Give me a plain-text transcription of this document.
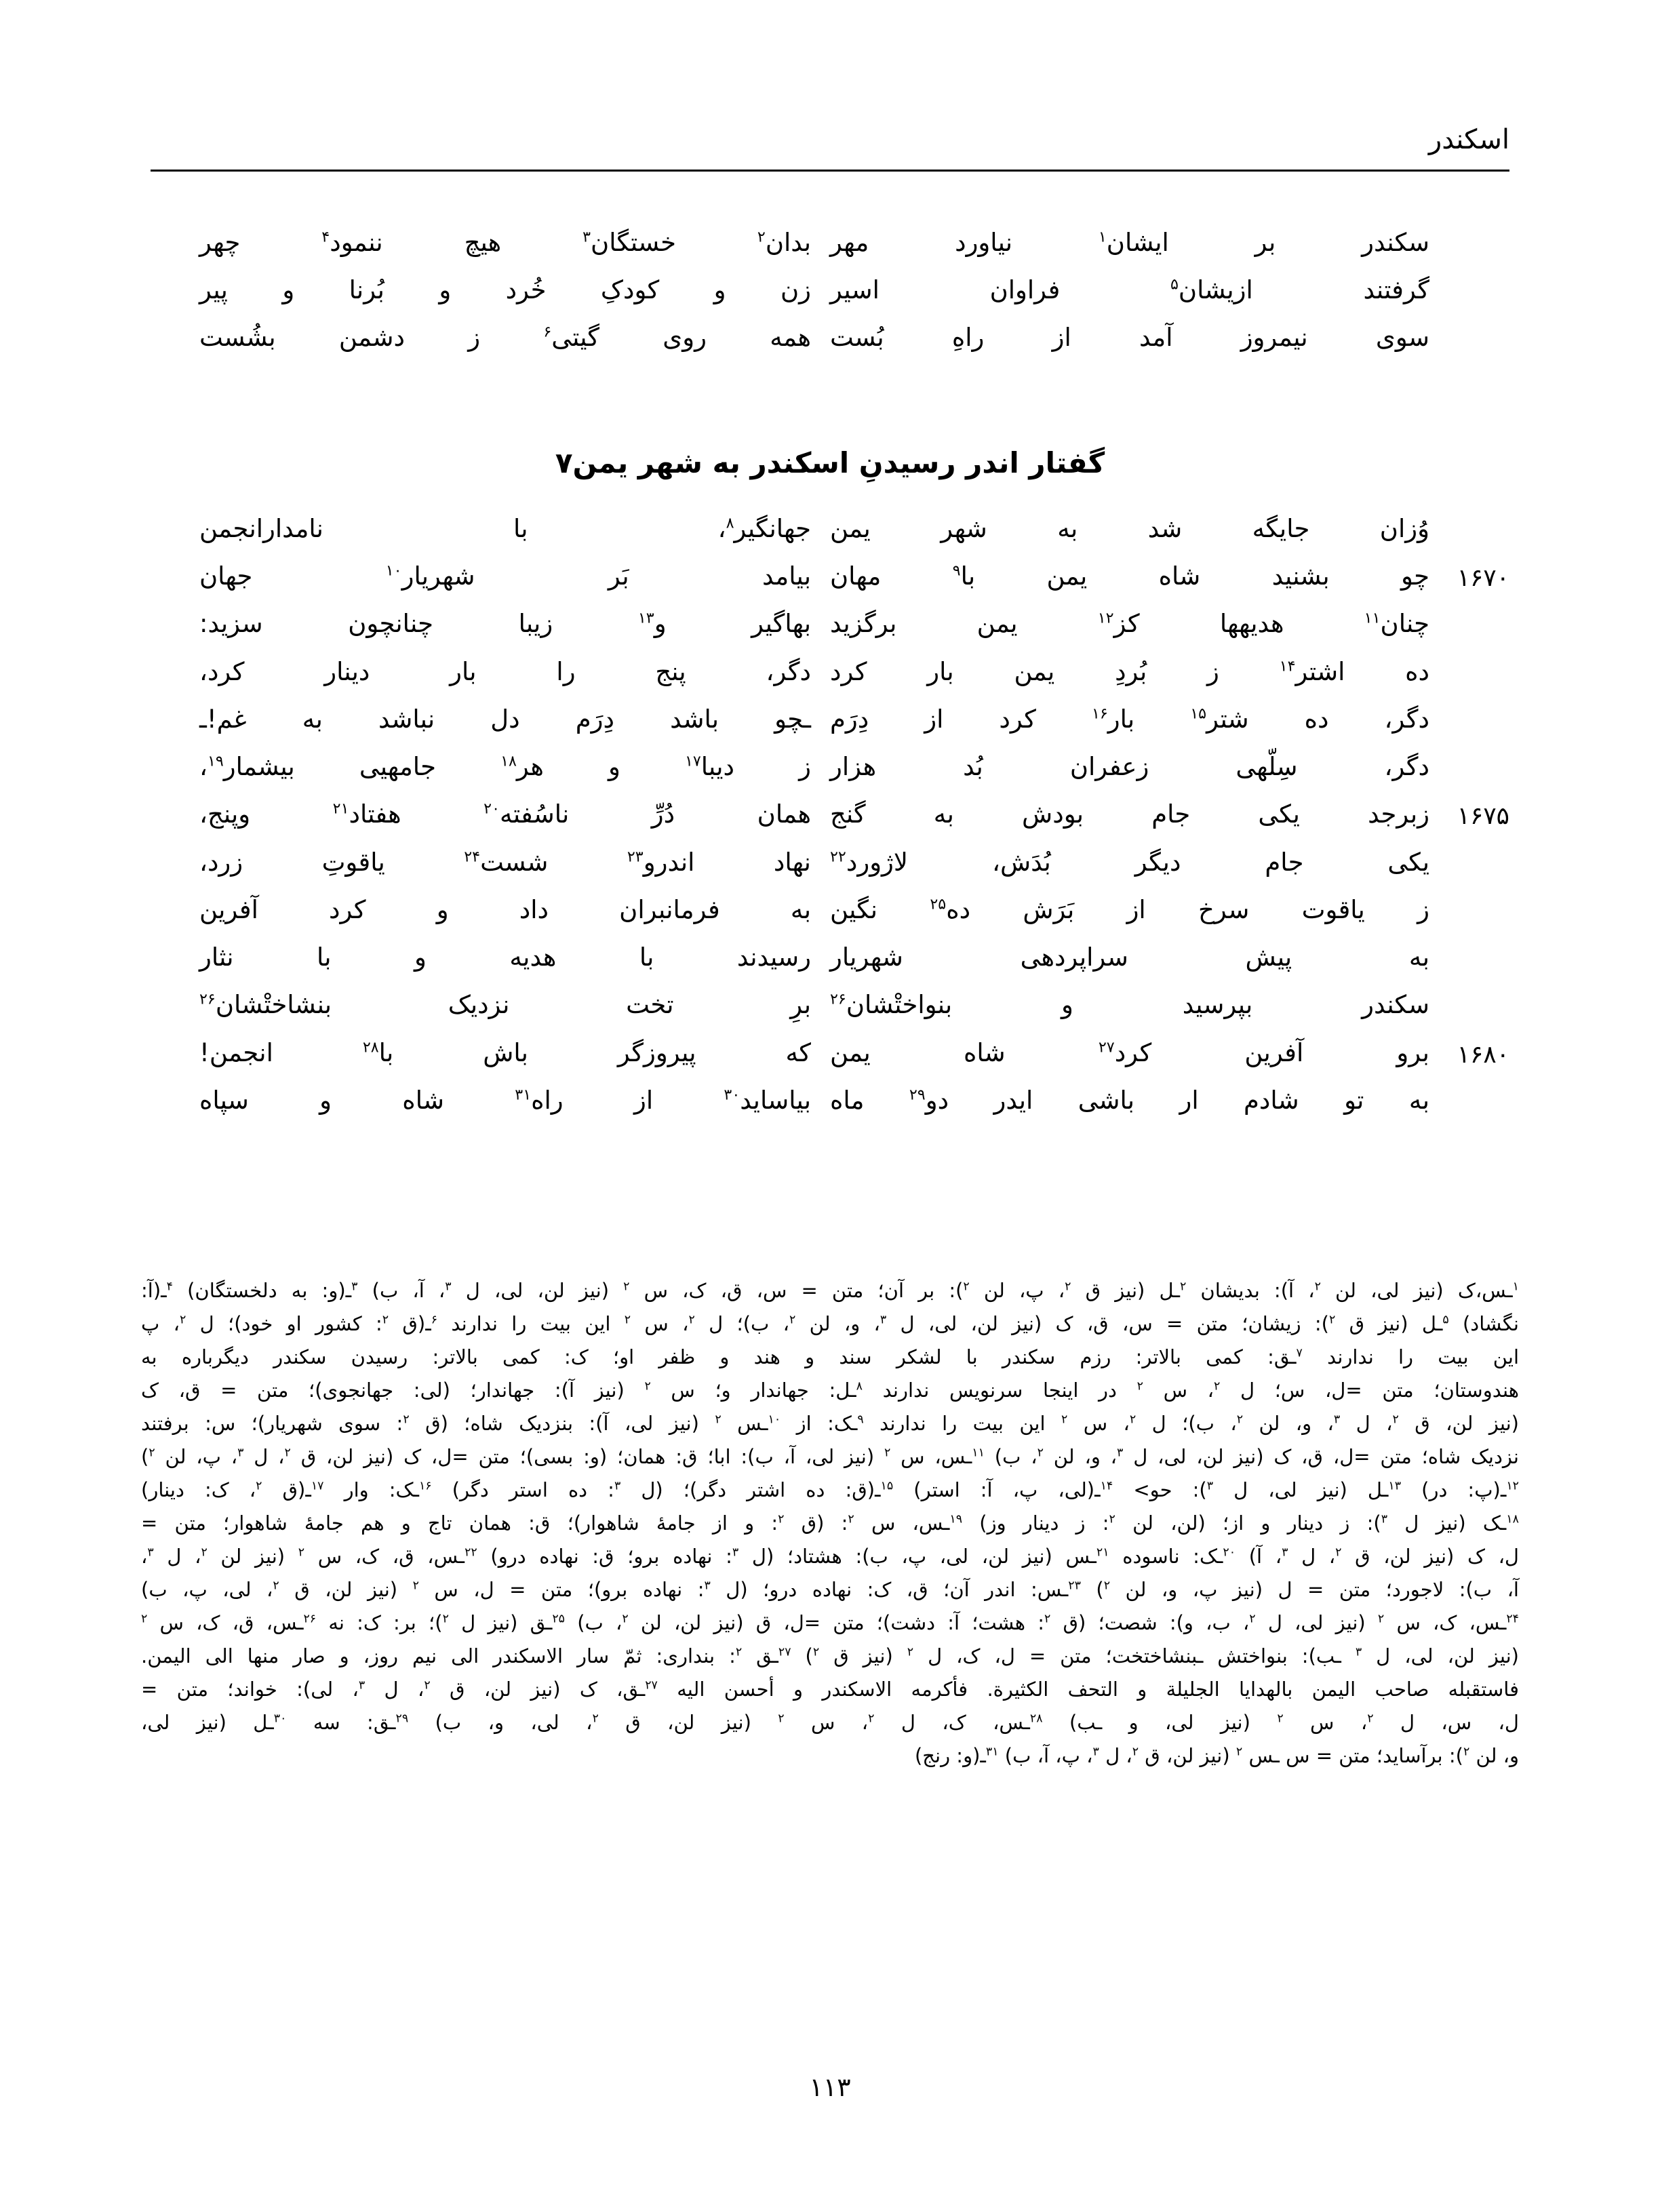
اسکندر
سکندر بر ایشان$^۱$ نیاورد مهر
بدان$^۲$ خستگان$^۳$ هیچ ننمود$^۴$ چهر
گرفتند ازیشان$^۵$ فراوان اسیر
زن و کودکِ خُرد و بُرنا و پیر
سوی نیمروز آمد از راهِ بُست
همه روی گیتی$^۶$ ز دشمن بشُست
گفتار اندر رسیدنِ اسکندر به شهر یمن۷
وُزان جایگه شد به شهر یمن
جهانگیر$^۸$، با نامدارانجمن
۱۶۷۰
چو بشنید شاه یمن با$^۹$ مهان
بیامد بَر شهریار$^{۱۰}$ جهان
چنان$^{۱۱}$ هدیهها کز$^{۱۲}$ یمن برگزید
بهاگیر و$^{۱۳}$ زیبا چنانچون سزید:
ده اشتر$^{۱۴}$ ز بُردِ یمن بار کرد
دگر، پنج را بار دینار کرد،
دگر، ده شتر$^{۱۵}$ بار$^{۱۶}$ کرد از دِرَم
ـچو باشد دِرَم دل نباشد به غم!ـ
دگر، سِلّهی زعفران بُد هزار
ز دیبا$^{۱۷}$ و هر$^{۱۸}$ جامهیی بیشمار$^{۱۹}$،
۱۶۷۵
زبرجد یکی جام بودش به گنج
همان دُرِّ ناسُفته$^{۲۰}$ هفتاد$^{۲۱}$ وپنج،
یکی جام دیگر بُدَش، لاژورد$^{۲۲}$
نهاد اندرو$^{۲۳}$ شست$^{۲۴}$ یاقوتِ زرد،
ز یاقوت سرخ از بَرَش ده$^{۲۵}$ نگین
به فرمانبران داد و کرد آفرین
به پیش سراپردهی شهریار
رسیدند با هدیه و با نثار
سکندر بپرسید و بنواختْشان$^{۲۶}$
برِ تخت نزدیک بنشاختْشان$^{۲۶}$
۱۶۸۰
برو آفرین کرد$^{۲۷}$ شاه یمن
که پیروزگر باش با$^{۲۸}$ انجمن!
به تو شادم ار باشی ایدر دو$^{۲۹}$ ماه
بیاساید$^{۳۰}$ از راه$^{۳۱}$ شاه و سپاه
$^۱$ـس،ک (نیز لی، لن $^۲$، آ): بدیشان $^۲$ـل (نیز ق $^۲$، پ، لن $^۲$): بر آن؛ متن = س، ق، ک، س $^۲$ (نیز لن، لی، ل $^۳$، آ، ب) $^۳$ـ(و: به دلخستگان) $^۴$ـ(آ:
نگشاد) $^۵$ـل (نیز ق $^۲$): زیشان؛ متن = س، ق، ک (نیز لن، لی، ل $^۳$، و، لن $^۲$، ب)؛ ل $^۲$، س $^۲$ این بیت را ندارند $^۶$ـ(ق $^۲$: کشور او خود)؛ ل $^۲$، پ
این بیت را ندارند $^۷$ـق: کمی بالاتر: رزم سکندر با لشکر سند و هند و ظفر او؛ ک: کمی بالاتر: رسیدن سکندر دیگرباره به
هندوستان؛ متن =ل، س؛ ل $^۲$، س $^۲$ در اینجا سرنویس ندارند $^۸$ـل: جهاندار و؛ س $^۲$ (نیز آ): جهاندار؛ (لی: جهانجوی)؛ متن = ق، ک
(نیز لن، ق $^۲$، ل $^۳$، و، لن $^۲$، ب)؛ ل $^۲$، س $^۲$ این بیت را ندارند $^۹$ـک: از $^{۱۰}$ـس $^۲$ (نیز لی، آ): بنزدیک شاه؛ (ق $^۲$: سوی شهریار)؛ س: برفتند
نزدیک شاه؛ متن =ل، ق، ک (نیز لن، لی، ل $^۳$، و، لن $^۲$، ب) $^{۱۱}$ـس، س $^۲$ (نیز لی، آ، ب): ابا؛ ق: همان؛ (و: بسی)؛ متن =ل، ک (نیز لن، ق $^۲$، ل $^۳$، پ، لن $^۲$)
$^{۱۲}$ـ(پ: در) $^{۱۳}$ـل (نیز لی، ل $^۳$): حو> $^{۱۴}$ـ(لی، پ، آ: استر) $^{۱۵}$ـ(ق: ده اشتر دگر)؛ (ل $^۳$: ده استر دگر) $^{۱۶}$ـک: وار $^{۱۷}$ـ(ق $^۲$، ک: دینار)
$^{۱۸}$ـک (نیز ل $^۳$): ز دینار و از؛ (لن، لن $^۲$: ز دینار وز) $^{۱۹}$ـس، س $^۲$: (ق $^۲$: و از جامهٔ شاهوار)؛ ق: همان تاج و هم جامهٔ شاهوار؛ متن =
ل، ک (نیز لن، ق $^۲$، ل $^۳$، آ) $^{۲۰}$ـک: ناسوده $^{۲۱}$ـس (نیز لن، لی، پ، ب): هشتاد؛ (ل $^۳$: نهاده برو؛ ق: نهاده درو) $^{۲۲}$ـس، ق، ک، س $^۲$ (نیز لن $^۲$، ل $^۳$،
آ، ب): لاجورد؛ متن = ل (نیز پ، و، لن $^۲$) $^{۲۳}$ـس: اندر آن؛ ق، ک: نهاده درو؛ (ل $^۳$: نهاده برو)؛ متن = ل، س $^۲$ (نیز لن، ق $^۲$، لی، پ، ب)
$^{۲۴}$ـس، ک، س $^۲$ (نیز لی، ل $^۲$، ب، و): شصت؛ (ق $^۲$: هشت؛ آ: دشت)؛ متن =ل، ق (نیز لن، لن $^۲$، ب) $^{۲۵}$ـق (نیز ل $^۲$)؛ بر: ک: نه $^{۲۶}$ـس، ق، ک، س $^۲$
(نیز لن، لی، ل $^۳$ ـب): بنواختش ـبنشاختخت؛ متن = ل، ک، ل $^۲$ (نیز ق $^۲$) $^{۲۷}$ـق $^۲$: بنداری: ثمّ سار الاسکندر الی نیم روز، و صار منها الی الیمن.
فاستقبله صاحب الیمن بالهدایا الجلیلة و التحف الکثیرة. فأکرمه الاسکندر و أحسن الیه $^{۲۷}$ـق، ک (نیز لن، ق $^۲$، ل $^۳$، لی): خواند؛ متن =
ل، س، ل $^۲$، س $^۲$ (نیز لی، و ـب) $^{۲۸}$ـس، ک، ل $^۲$، س $^۲$ (نیز لن، ق $^۲$، لی، و، ب) $^{۲۹}$ـق: سه $^{۳۰}$ـل (نیز لی،
و، لن $^۲$): برآساید؛ متن = س ـس $^۲$ (نیز لن، ق $^۲$، ل $^۳$، پ، آ، ب) $^{۳۱}$ـ(و: رنج)
۱۱۳
